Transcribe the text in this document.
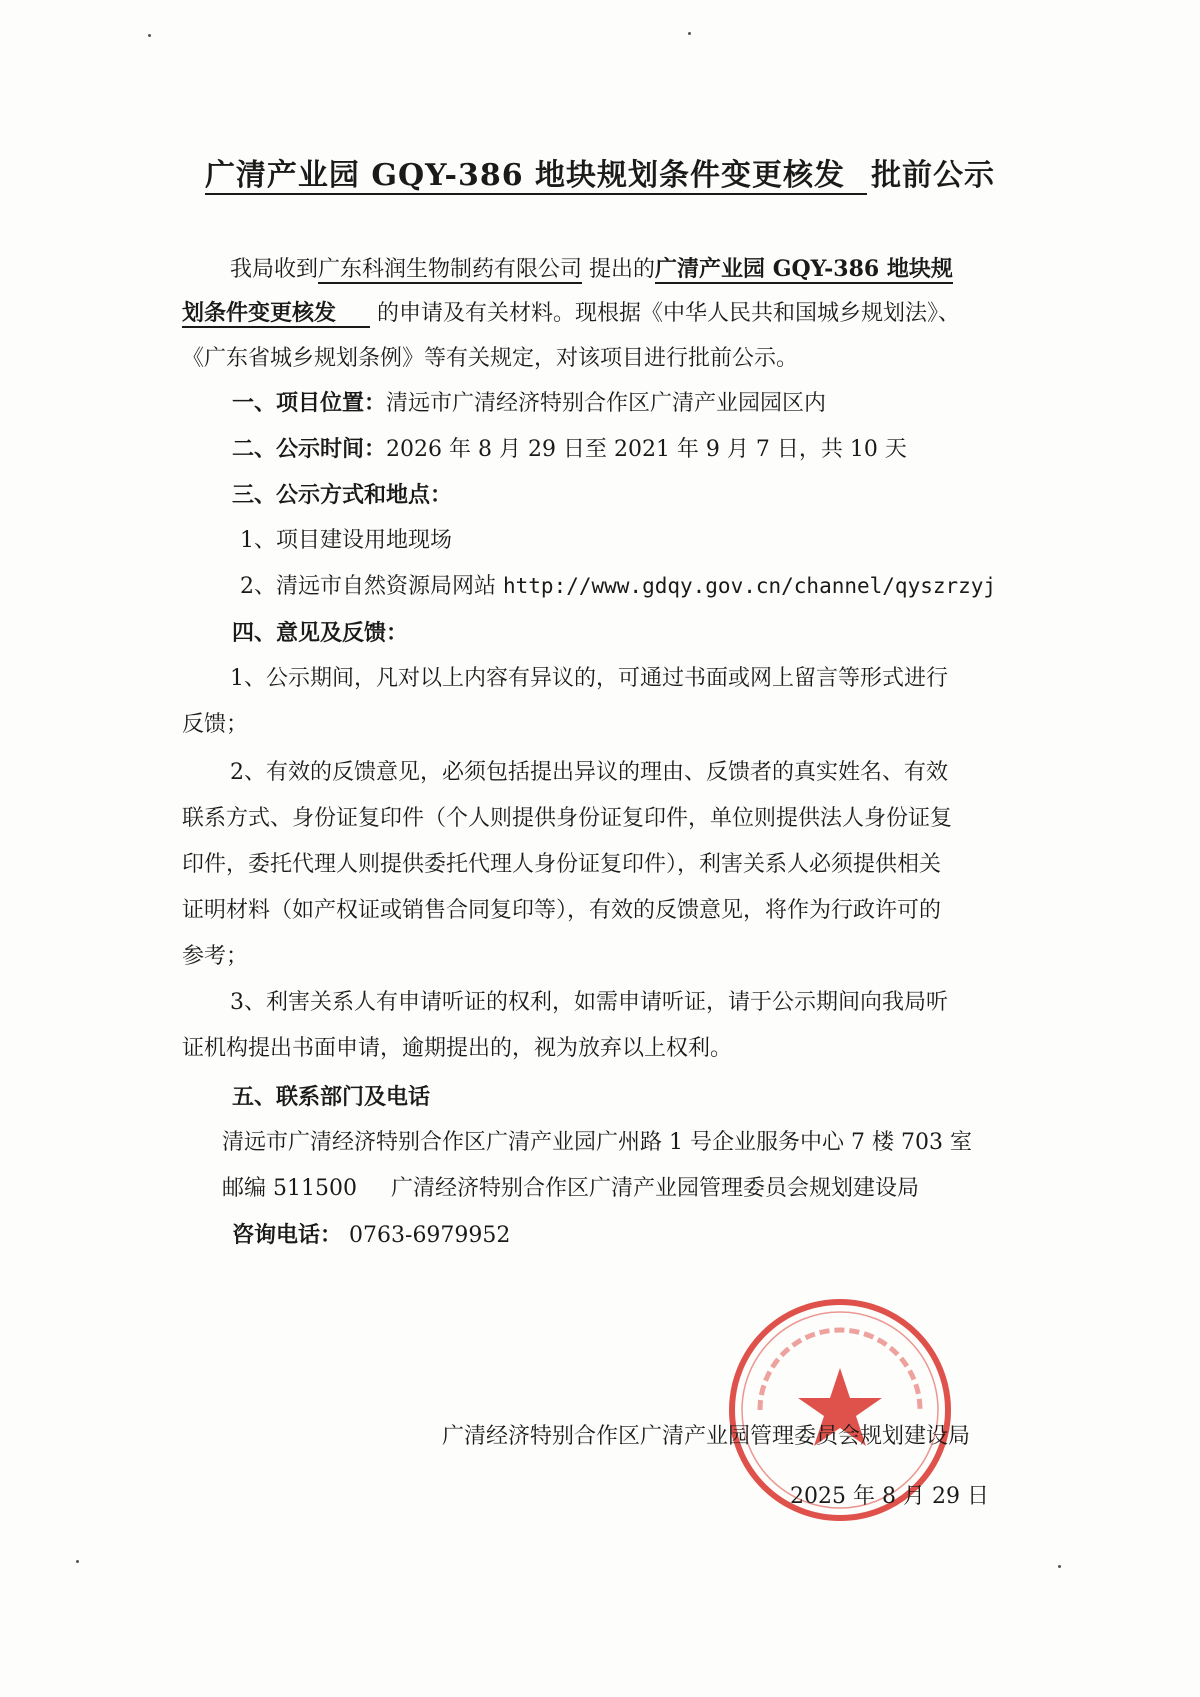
广清产业园 GQY-386 地块规划条件变更核发 批前公示
我局收到广东科润生物制药有限公司 提出的广清产业园 GQY-386 地块规
划条件变更核发 的申请及有关材料。现根据《中华人民共和国城乡规划法》、
《广东省城乡规划条例》等有关规定，对该项目进行批前公示。
一、项目位置：清远市广清经济特别合作区广清产业园园区内
二、公示时间：2026 年 8 月 29 日至 2021 年 9 月 7 日，共 10 天
三、公示方式和地点：
1、项目建设用地现场
2、清远市自然资源局网站 http://www.gdqy.gov.cn/channel/qyszrzyj
四、意见及反馈：
1、公示期间，凡对以上内容有异议的，可通过书面或网上留言等形式进行
反馈；
2、有效的反馈意见，必须包括提出异议的理由、反馈者的真实姓名、有效
联系方式、身份证复印件（个人则提供身份证复印件，单位则提供法人身份证复
印件，委托代理人则提供委托代理人身份证复印件），利害关系人必须提供相关
证明材料（如产权证或销售合同复印等），有效的反馈意见，将作为行政许可的
参考；
3、利害关系人有申请听证的权利，如需申请听证，请于公示期间向我局听
证机构提出书面申请，逾期提出的，视为放弃以上权利。
五、联系部门及电话
清远市广清经济特别合作区广清产业园广州路 1 号企业服务中心 7 楼 703 室
邮编 511500 广清经济特别合作区广清产业园管理委员会规划建设局
咨询电话： 0763-6979952
广清经济特别合作区广清产业园管理委员会规划建设局
2025 年 8 月 29 日
